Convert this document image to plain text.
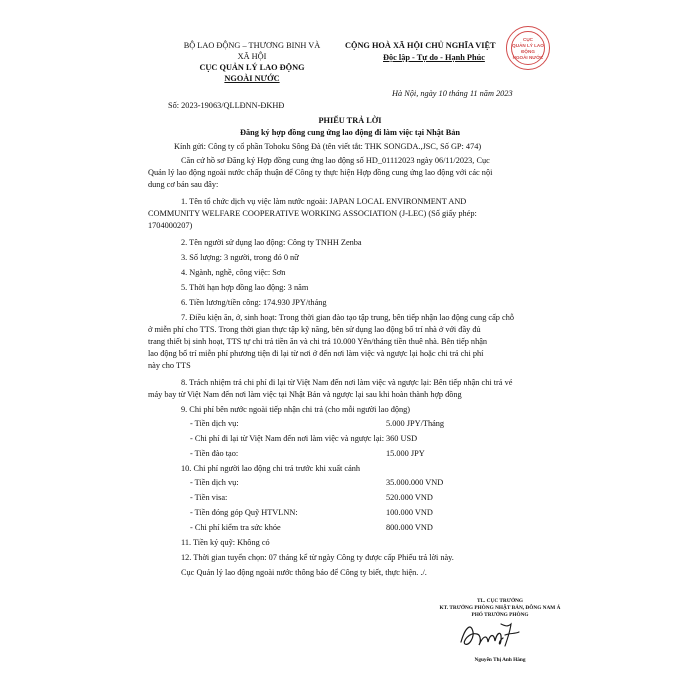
BỘ LAO ĐỘNG – THƯƠNG BINH VÀ
XÃ HỘI
CỤC QUẢN LÝ LAO ĐỘNG
NGOÀI NƯỚC
Số: 2023-19063/QLLĐNN-ĐKHĐ
CỘNG HOÀ XÃ HỘI CHỦ NGHĨA VIỆT
Độc lập - Tự do - Hạnh Phúc
Hà Nội, ngày 10 tháng 11 năm 2023
CỤC
QUẢN LÝ LAO
ĐỘNG
NGOÀI NƯỚC
PHIẾU TRẢ LỜI
Đăng ký hợp đồng cung ứng lao động đi làm việc tại Nhật Bản
Kính gửi: Công ty cổ phần Tohoku Sông Đà (tên viết tắt: THK SONGDA.,JSC, Số GP: 474)
Căn cứ hồ sơ Đăng ký Hợp đồng cung ứng lao động số HD_01112023 ngày 06/11/2023, Cục
Quản lý lao động ngoài nước chấp thuận để Công ty thực hiện Hợp đồng cung ứng lao động với các nội
dung cơ bản sau đây:
1. Tên tổ chức dịch vụ việc làm nước ngoài: JAPAN LOCAL ENVIRONMENT AND
COMMUNITY WELFARE COOPERATIVE WORKING ASSOCIATION (J-LEC) (Số giấy phép:
1704000207)
2. Tên người sử dụng lao động: Công ty TNHH Zenba
3. Số lượng: 3 người, trong đó 0 nữ
4. Ngành, nghề, công việc: Sơn
5. Thời hạn hợp đồng lao động: 3 năm
6. Tiền lương/tiền công: 174.930 JPY/tháng
7. Điều kiện ăn, ở, sinh hoạt: Trong thời gian đào tạo tập trung, bên tiếp nhận lao động cung cấp chỗ
ở miễn phí cho TTS. Trong thời gian thực tập kỹ năng, bên sử dụng lao động bố trí nhà ở với đầy đủ
trang thiết bị sinh hoạt, TTS tự chi trả tiền ăn và chi trả 10.000 Yên/tháng tiền thuê nhà. Bên tiếp nhận
lao động bố trí miễn phí phương tiện đi lại từ nơi ở đến nơi làm việc và ngược lại hoặc chi trả chi phí
này cho TTS
8. Trách nhiệm trả chi phí đi lại từ Việt Nam đến nơi làm việc và ngược lại: Bên tiếp nhận chi trả vé
máy bay từ Việt Nam đến nơi làm việc tại Nhật Bản và ngược lại sau khi hoàn thành hợp đồng
9. Chi phí bên nước ngoài tiếp nhận chi trả (cho mỗi người lao động)
- Tiền dịch vụ:	5.000 JPY/Tháng
- Chi phí đi lại từ Việt Nam đến nơi làm việc và ngược lại: 360 USD
- Tiền đào tạo:	15.000 JPY
10. Chi phí người lao động chi trả trước khi xuất cảnh
- Tiền dịch vụ:	35.000.000 VND
- Tiền visa:	520.000 VND
- Tiền đóng góp Quỹ HTVLNN:	100.000 VND
- Chi phí kiểm tra sức khỏe	800.000 VND
11. Tiền ký quỹ: Không có
12. Thời gian tuyển chọn: 07 tháng kể từ ngày Công ty được cấp Phiếu trả lời này.
Cục Quản lý lao động ngoài nước thông báo để Công ty biết, thực hiện. ./.
TL. CỤC TRƯỞNG
KT. TRƯỞNG PHÒNG NHẬT BẢN, ĐÔNG NAM Á
PHÓ TRƯỞNG PHÒNG
Nguyễn Thị Anh Hằng
